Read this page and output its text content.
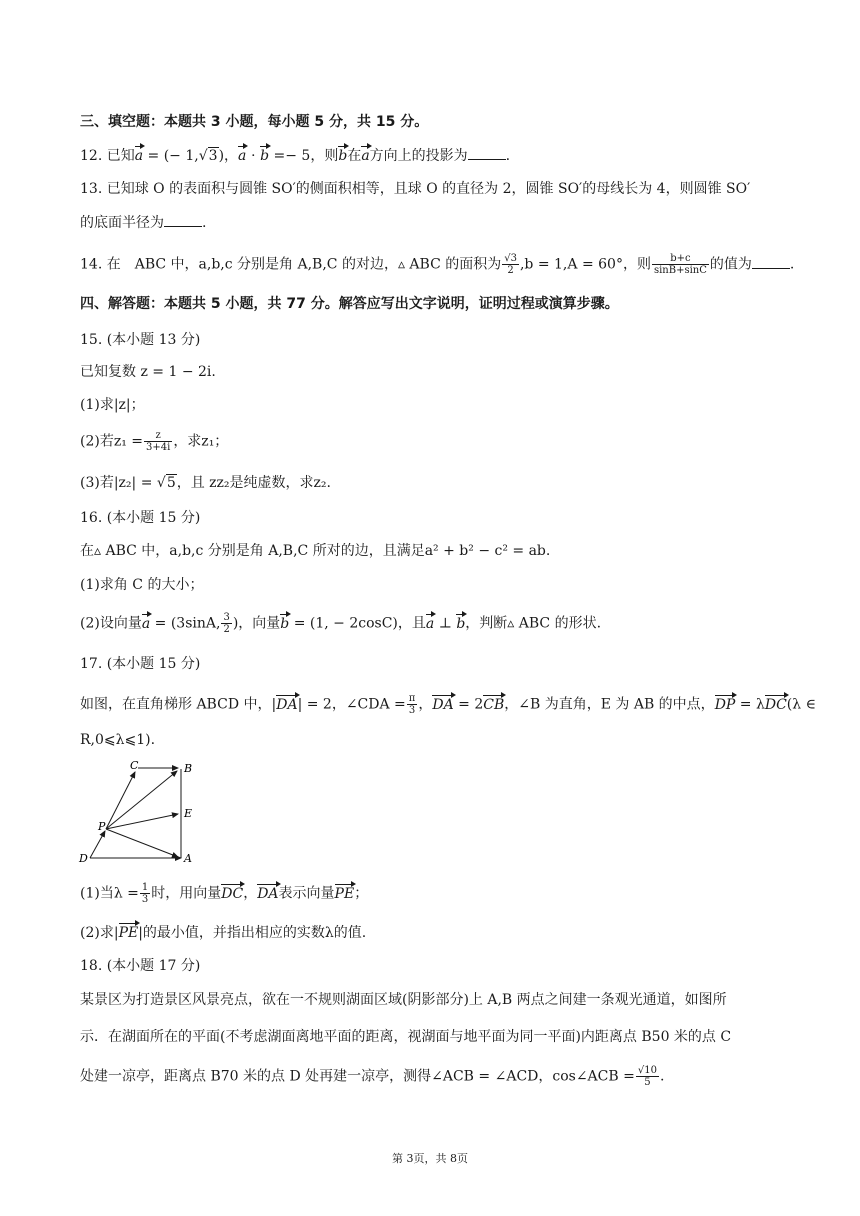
三、填空题：本题共 3 小题，每小题 5 分，共 15 分。
12. 已知a = (− 1,√3)，a ⋅ b =− 5，则b在a方向上的投影为	.
13. 已知球 O 的表面积与圆锥 SO′的侧面积相等，且球 O 的直径为 2，圆锥 SO′的母线长为 4，则圆锥 SO′
的底面半径为	.
14. 在　ABC 中，a,b,c 分别是角 A,B,C 的对边，▵ ABC 的面积为 $\frac{√3}{2} ,b = 1,A = 60^\circ$，则 $\frac{b+c}{\sin B+\sin C}$ 的值为	.
四、解答题：本题共 5 小题，共 77 分。解答应写出文字说明，证明过程或演算步骤。
15. (本小题 13 分)
已知复数 z = 1 − 2i.
(1)求|z|；
(2)若$z_1 = \frac{z}{3+4i}$ ，求z₁；
(3)若|z₂| = √5，且 zz₂是纯虚数，求z₂.
16. (本小题 15 分)
在▵ ABC 中，a,b,c 分别是角 A,B,C 所对的边，且满足a² + b² − c² = ab.
(1)求角 C 的大小；
(2)设向量a = (3sinA, $\frac{3}{2}$ )，向量b = (1, − 2cosC)，且a ⊥ b，判断▵ ABC 的形状.
17. (本小题 15 分)
如图，在直角梯形 ABCD 中，|DA| = 2，∠CDA = $\frac{\pi}{3}$ ，DA = 2CB，∠B 为直角，E 为 AB 的中点，DP = λDC(λ ∈
R,0⩽λ⩽1).
C	B
E
P
D	A
(1)当$\lambda = \frac{1}{3}$ 时，用向量DC，DA表示向量PE；
(2)求|PE|的最小值，并指出相应的实数λ的值.
18. (本小题 17 分)
某景区为打造景区风景亮点，欲在一不规则湖面区域(阴影部分)上 A,B 两点之间建一条观光通道，如图所
示．在湖面所在的平面(不考虑湖面离地平面的距离，视湖面与地平面为同一平面)内距离点 B50 米的点 C
处建一凉亭，距离点 B70 米的点 D 处再建一凉亭，测得∠ACB = ∠ACD，cos∠ACB = $\frac{√10}{5}$ .
第 3页，共 8页
